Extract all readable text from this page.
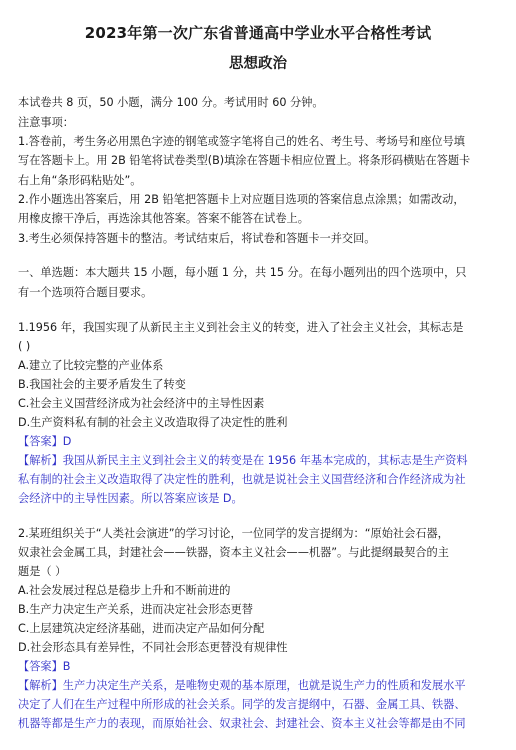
2023年第一次广东省普通高中学业水平合格性考试
思想政治
本试卷共 8 页，50 小题，满分 100 分。考试用时 60 分钟。
注意事项：
1.答卷前，考生务必用黑色字迹的钢笔或签字笔将自己的姓名、考生号、考场号和座位号填
写在答题卡上。用 2B 铅笔将试卷类型(B)填涂在答题卡相应位置上。将条形码横贴在答题卡
右上角“条形码粘贴处”。
2.作小题选出答案后，用 2B 铅笔把答题卡上对应题目选项的答案信息点涂黑；如需改动，
用橡皮擦干净后，再选涂其他答案。答案不能答在试卷上。
3.考生必须保持答题卡的整洁。考试结束后，将试卷和答题卡一并交回。
一、单选题：本大题共 15 小题，每小题 1 分，共 15 分。在每小题列出的四个选项中，只
有一个选项符合题目要求。
1.1956 年，我国实现了从新民主主义到社会主义的转变，进入了社会主义社会，其标志是
( )
A.建立了比较完整的产业体系
B.我国社会的主要矛盾发生了转变
C.社会主义国营经济成为社会经济中的主导性因素
D.生产资料私有制的社会主义改造取得了决定性的胜利
【答案】D
【解析】我国从新民主主义到社会主义的转变是在 1956 年基本完成的，其标志是生产资料
私有制的社会主义改造取得了决定性的胜利，也就是说社会主义国营经济和合作经济成为社
会经济中的主导性因素。所以答案应该是 D。
2.某班组织关于“人类社会演进”的学习讨论，一位同学的发言提纲为：“原始社会石器，
奴隶社会金属工具，封建社会——铁器，资本主义社会——机器”。与此提纲最契合的主
题是（ ）
A.社会发展过程总是稳步上升和不断前进的
B.生产力决定生产关系，进而决定社会形态更替
C.上层建筑决定经济基础，进而决定产品如何分配
D.社会形态具有差异性，不同社会形态更替没有规律性
【答案】B
【解析】生产力决定生产关系，是唯物史观的基本原理，也就是说生产力的性质和发展水平
决定了人们在生产过程中所形成的社会关系。同学的发言提纲中，石器、金属工具、铁器、
机器等都是生产力的表现，而原始社会、奴隶社会、封建社会、资本主义社会等都是由不同
